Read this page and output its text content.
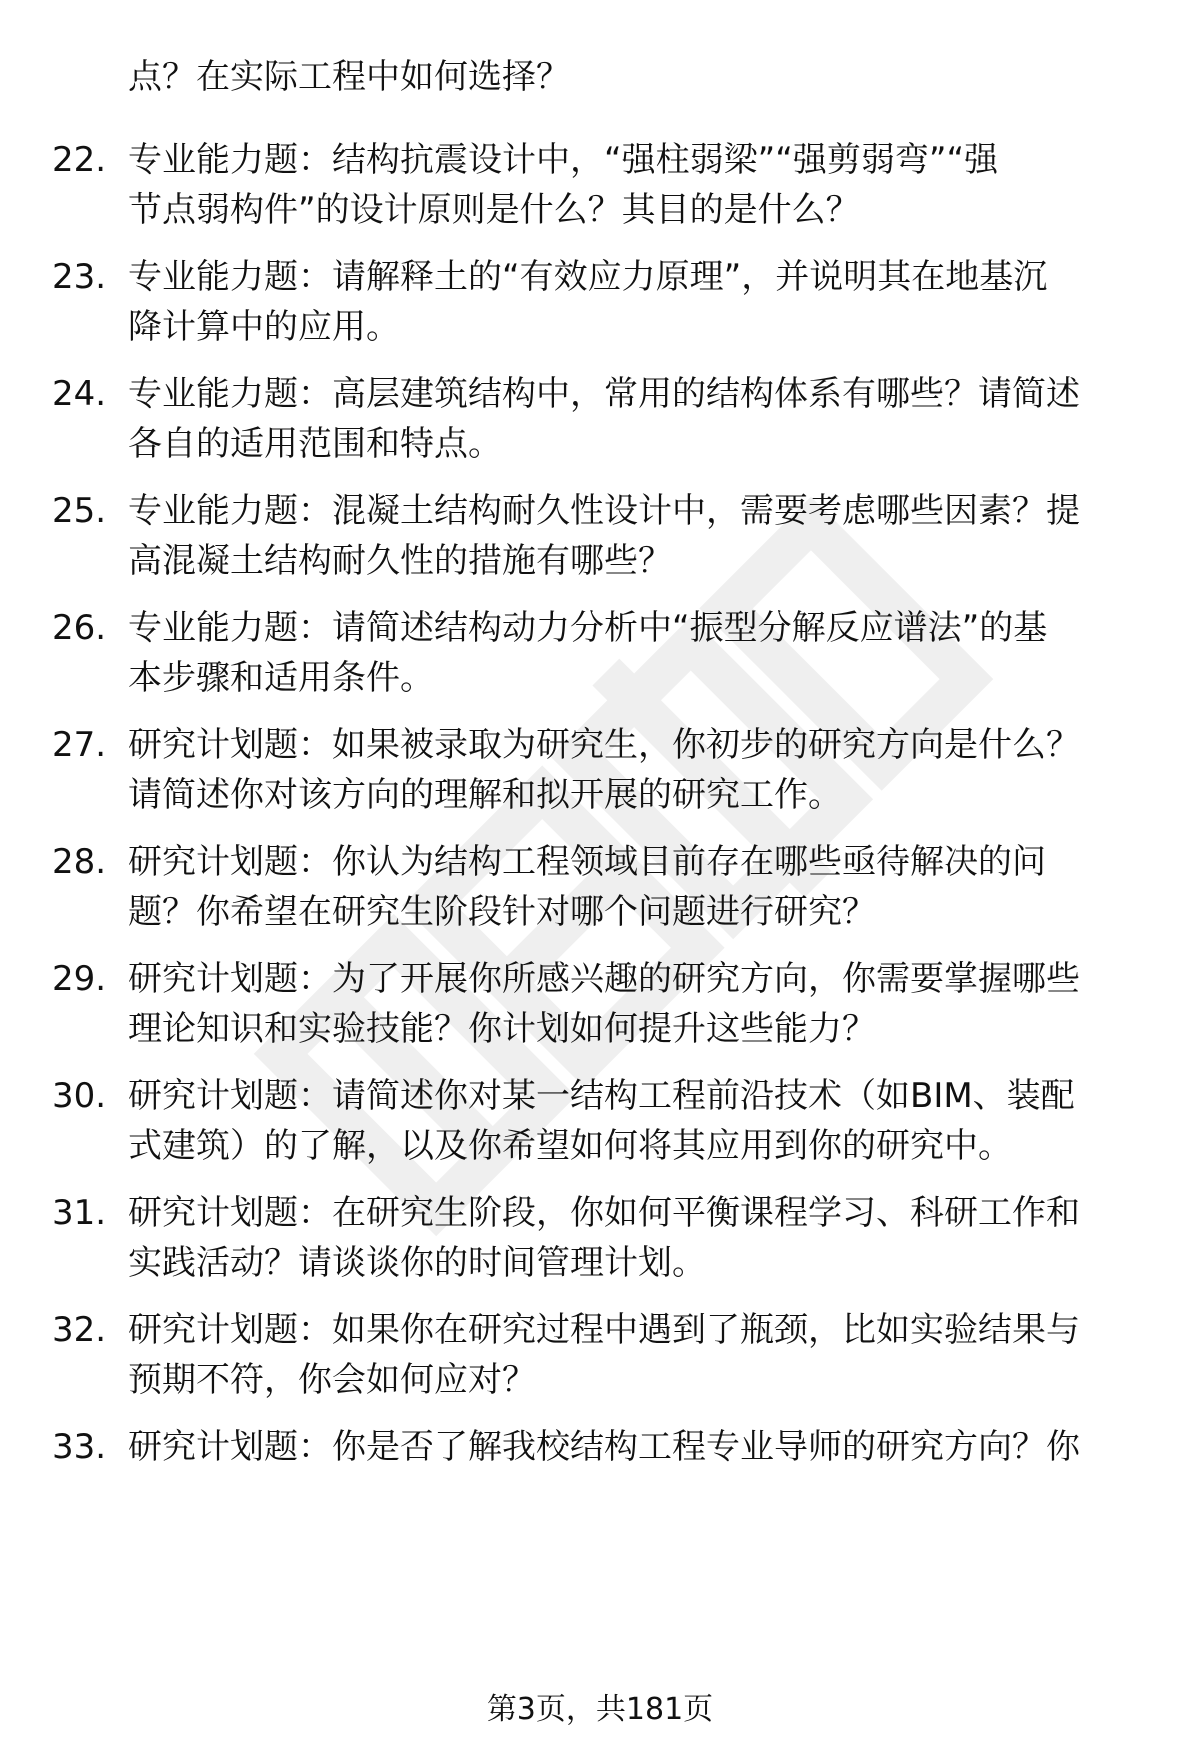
点？在实际工程中如何选择？
22. 专业能力题：结构抗震设计中，“强柱弱梁”“强剪弱弯”“强
节点弱构件”的设计原则是什么？其目的是什么？
23. 专业能力题：请解释土的“有效应力原理”，并说明其在地基沉
降计算中的应用。
24. 专业能力题：高层建筑结构中，常用的结构体系有哪些？请简述
各自的适用范围和特点。
25. 专业能力题：混凝土结构耐久性设计中，需要考虑哪些因素？提
高混凝土结构耐久性的措施有哪些？
26. 专业能力题：请简述结构动力分析中“振型分解反应谱法”的基
本步骤和适用条件。
27. 研究计划题：如果被录取为研究生，你初步的研究方向是什么？
请简述你对该方向的理解和拟开展的研究工作。
28. 研究计划题：你认为结构工程领域目前存在哪些亟待解决的问
题？你希望在研究生阶段针对哪个问题进行研究？
29. 研究计划题：为了开展你所感兴趣的研究方向，你需要掌握哪些
理论知识和实验技能？你计划如何提升这些能力？
30. 研究计划题：请简述你对某一结构工程前沿技术（如BIM、装配
式建筑）的了解，以及你希望如何将其应用到你的研究中。
31. 研究计划题：在研究生阶段，你如何平衡课程学习、科研工作和
实践活动？请谈谈你的时间管理计划。
32. 研究计划题：如果你在研究过程中遇到了瓶颈，比如实验结果与
预期不符，你会如何应对？
33. 研究计划题：你是否了解我校结构工程专业导师的研究方向？你
第3页，共181页
